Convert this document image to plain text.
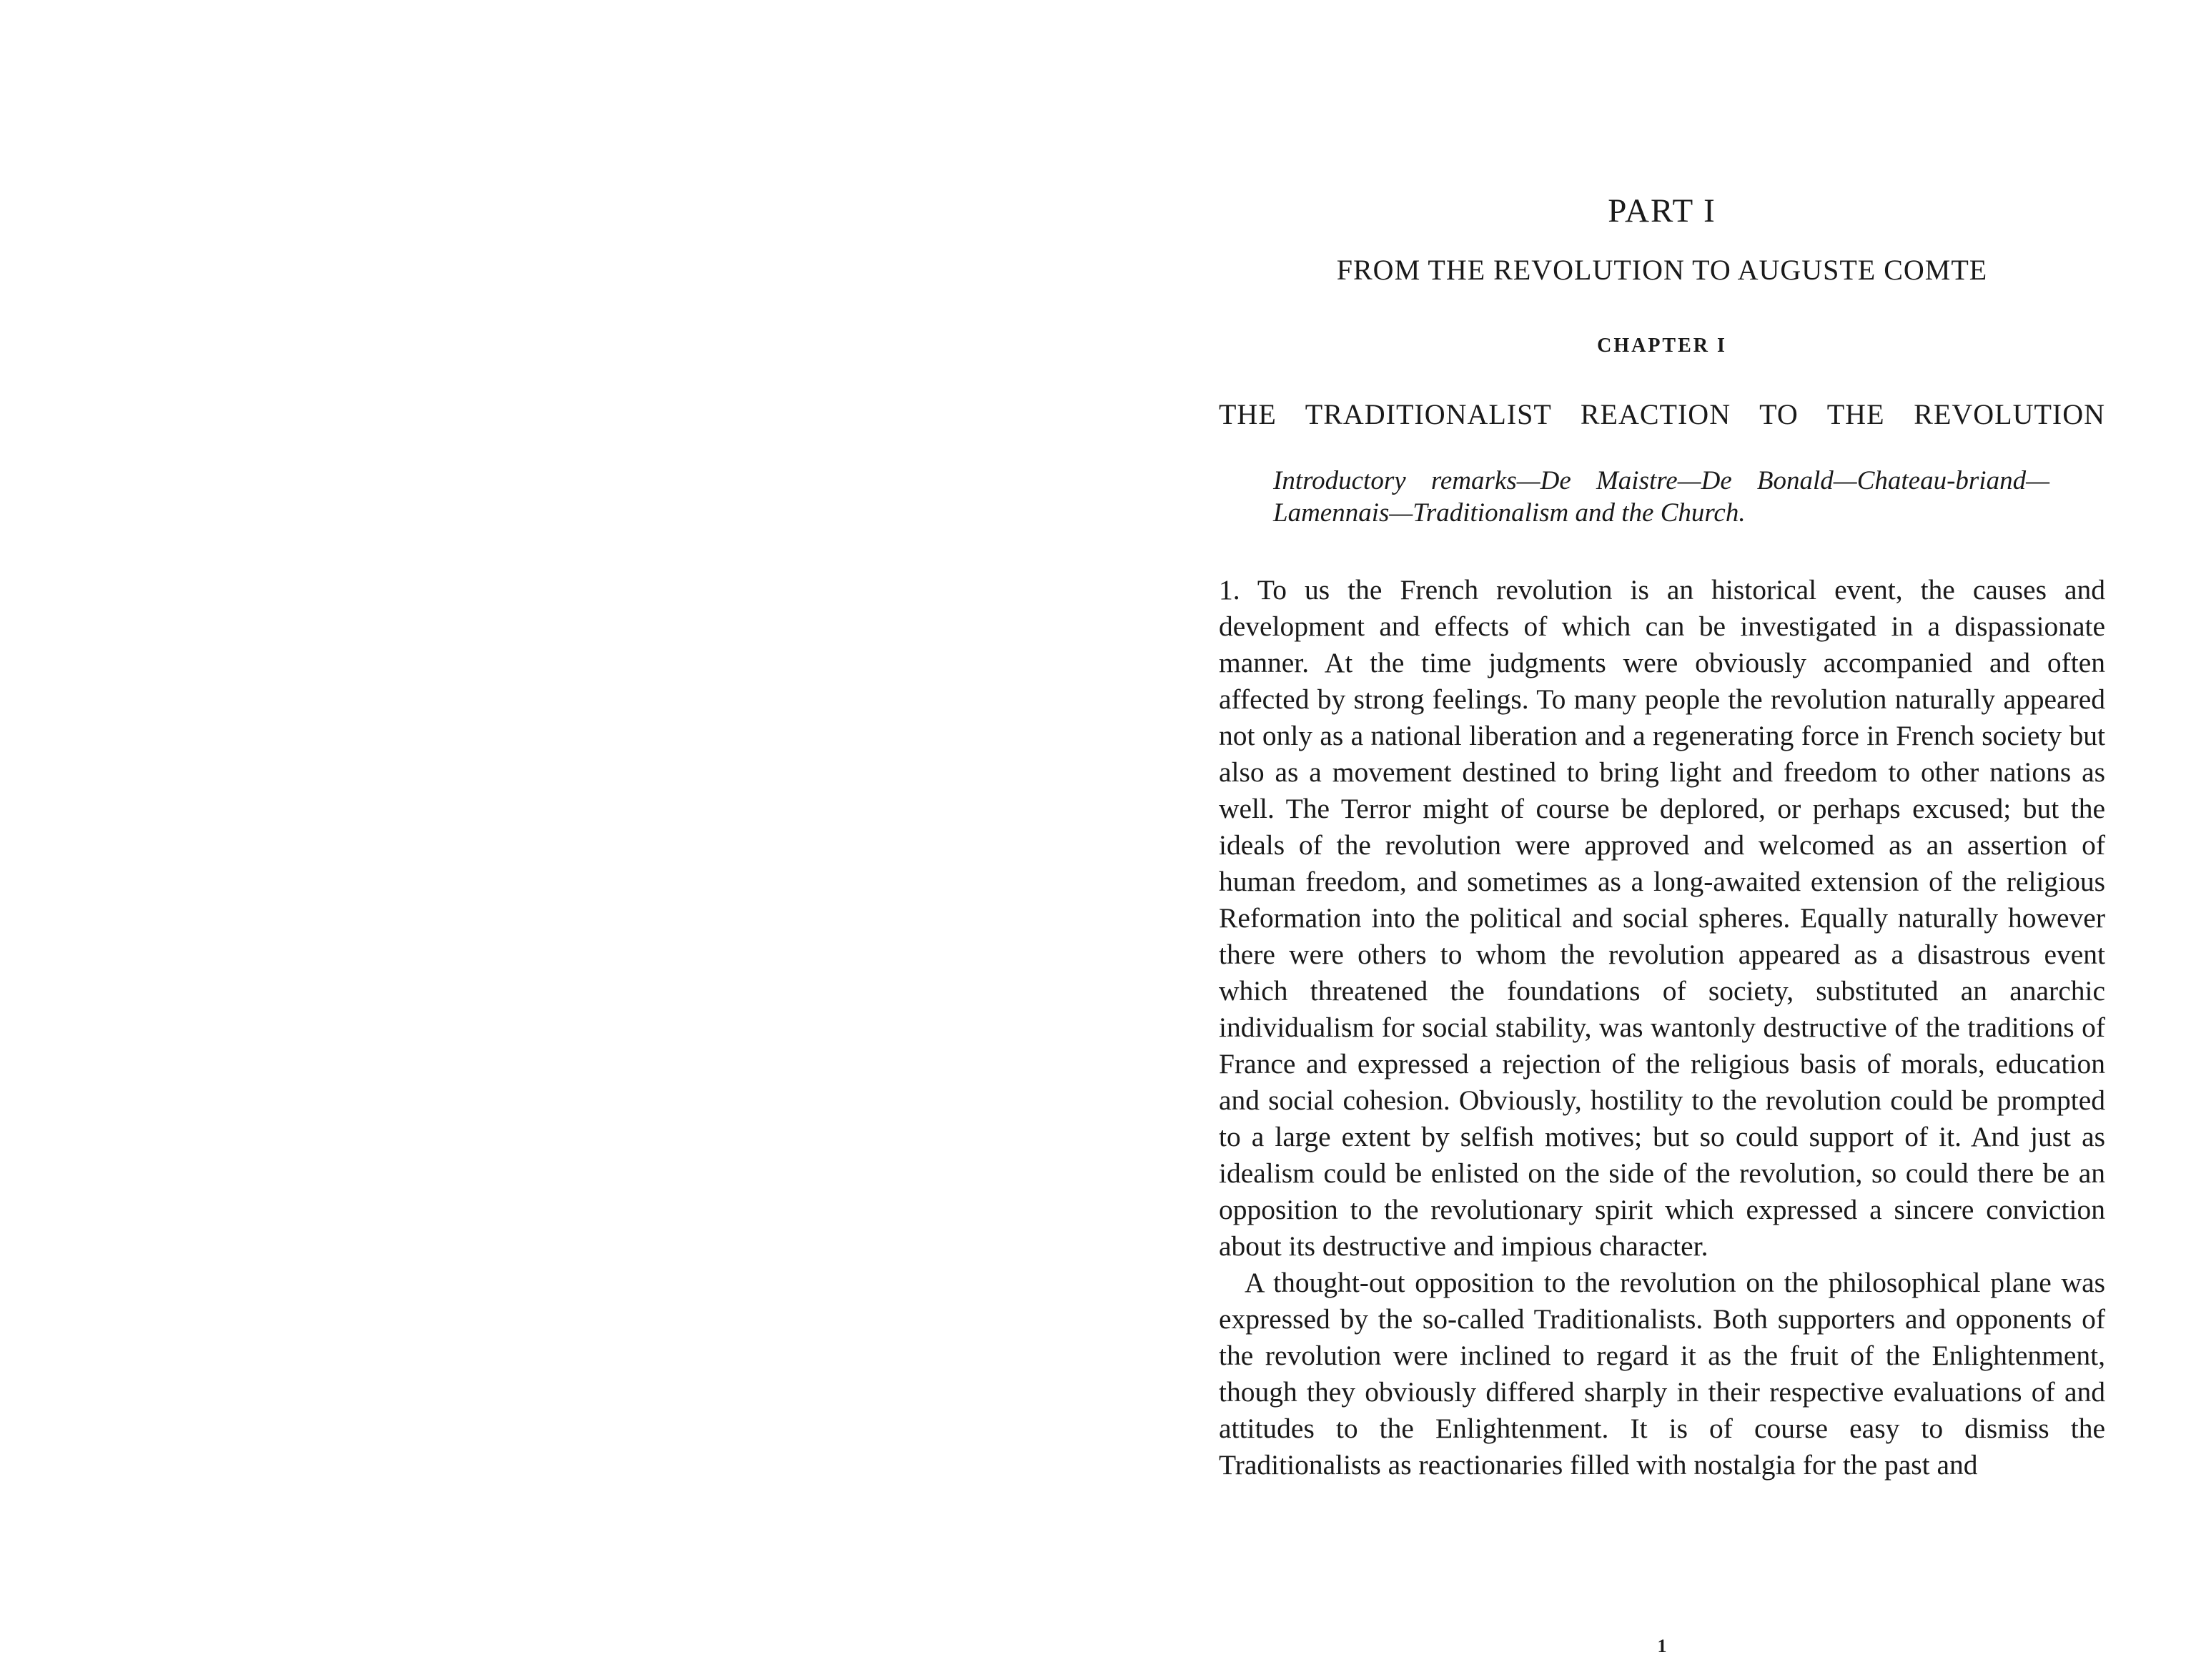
PART I
FROM THE REVOLUTION TO AUGUSTE COMTE
CHAPTER I
THE TRADITIONALIST REACTION TO THE REVOLUTION

Introductory remarks—De Maistre—De Bonald—Chateau-briand—Lamennais—Traditionalism and the Church.

1. To us the French revolution is an historical event, the causes and development and effects of which can be investigated in a dispassionate manner. At the time judgments were obviously accompanied and often affected by strong feelings. To many people the revolution naturally appeared not only as a national liberation and a regenerating force in French society but also as a movement destined to bring light and freedom to other nations as well. The Terror might of course be deplored, or perhaps excused; but the ideals of the revolution were approved and welcomed as an assertion of human freedom, and sometimes as a long-awaited extension of the religious Reformation into the political and social spheres. Equally naturally however there were others to whom the revolution appeared as a disastrous event which threatened the foundations of society, substituted an anarchic individualism for social stability, was wantonly destructive of the traditions of France and expressed a rejection of the religious basis of morals, education and social cohesion. Obviously, hostility to the revolution could be prompted to a large extent by selfish motives; but so could support of it. And just as idealism could be enlisted on the side of the revolution, so could there be an opposition to the revolutionary spirit which expressed a sincere conviction about its destructive and impious character.

A thought-out opposition to the revolution on the philosophical plane was expressed by the so-called Traditionalists. Both supporters and opponents of the revolution were inclined to regard it as the fruit of the Enlightenment, though they obviously differed sharply in their respective evaluations of and attitudes to the Enlightenment. It is of course easy to dismiss the Traditionalists as reactionaries filled with nostalgia for the past and

1
